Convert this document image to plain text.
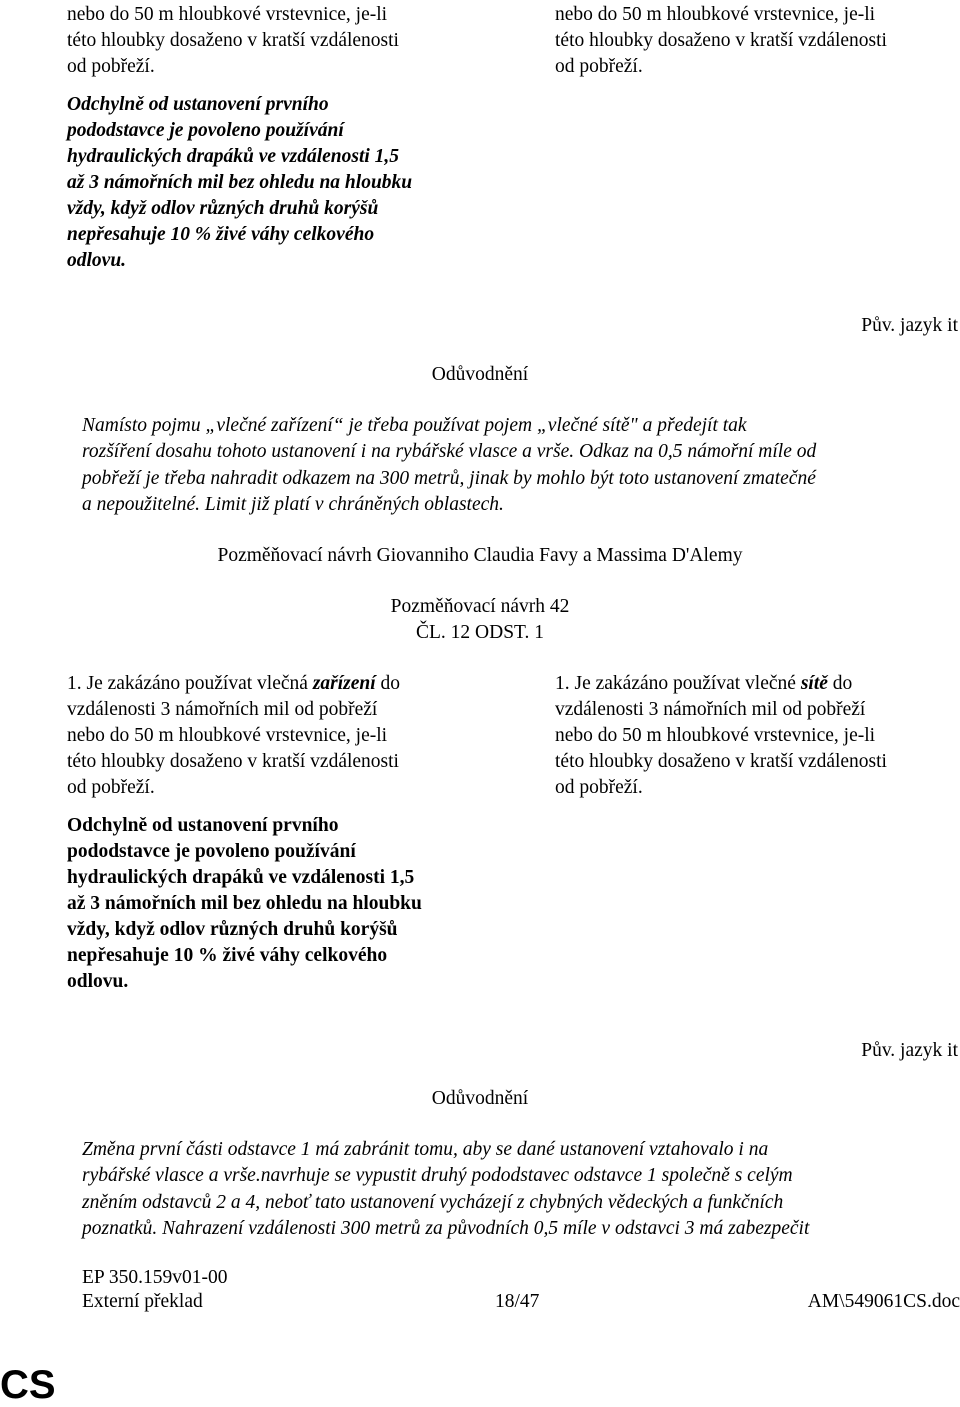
nebo do 50 m hloubkové vrstevnice, je-li
této hloubky dosaženo v kratší vzdálenosti
od pobřeží.
Odchylně od ustanovení prvního
pododstavce je povoleno používání
hydraulických drapáků ve vzdálenosti 1,5
až 3 námořních mil bez ohledu na hloubku
vždy, když odlov různých druhů korýšů
nepřesahuje 10 % živé váhy celkového
odlovu.
nebo do 50 m hloubkové vrstevnice, je-li
této hloubky dosaženo v kratší vzdálenosti
od pobřeží.
Pův. jazyk it
Odůvodnění
Namísto pojmu „vlečné zařízení“ je třeba používat pojem „vlečné sítě" a předejít tak
rozšíření dosahu tohoto ustanovení i na rybářské vlasce a vrše. Odkaz na 0,5 námořní míle od
pobřeží je třeba nahradit odkazem na 300 metrů, jinak by mohlo být toto ustanovení zmatečné
a nepoužitelné. Limit již platí v chráněných oblastech.
Pozměňovací návrh Giovanniho Claudia Favy a Massima D'Alemy
Pozměňovací návrh 42
ČL. 12 ODST. 1
1. Je zakázáno používat vlečná zařízení do
vzdálenosti 3 námořních mil od pobřeží
nebo do 50 m hloubkové vrstevnice, je-li
této hloubky dosaženo v kratší vzdálenosti
od pobřeží.
Odchylně od ustanovení prvního
pododstavce je povoleno používání
hydraulických drapáků ve vzdálenosti 1,5
až 3 námořních mil bez ohledu na hloubku
vždy, když odlov různých druhů korýšů
nepřesahuje 10 % živé váhy celkového
odlovu.
1. Je zakázáno používat vlečné sítě do
vzdálenosti 3 námořních mil od pobřeží
nebo do 50 m hloubkové vrstevnice, je-li
této hloubky dosaženo v kratší vzdálenosti
od pobřeží.
Pův. jazyk it
Odůvodnění
Změna první části odstavce 1 má zabránit tomu, aby se dané ustanovení vztahovalo i na
rybářské vlasce a vrše.navrhuje se vypustit druhý pododstavec odstavce 1 společně s celým
zněním odstavců 2 a 4, neboť tato ustanovení vycházejí z chybných vědeckých a funkčních
poznatků. Nahrazení vzdálenosti 300 metrů za původních 0,5 míle v odstavci 3 má zabezpečit
EP 350.159v01-00
Externí překlad	18/47	AM\549061CS.doc
CS
